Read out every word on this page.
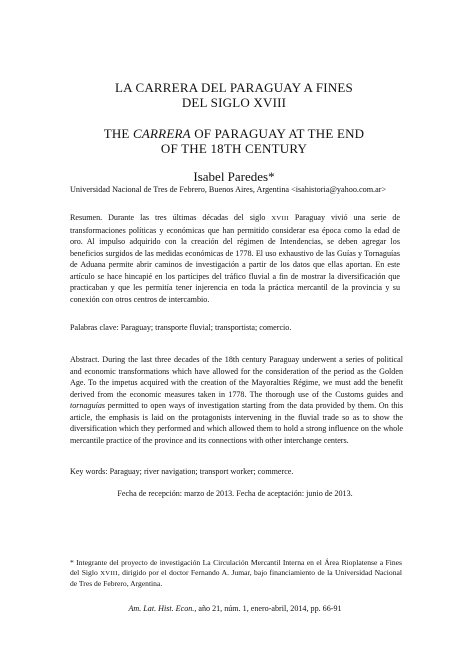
LA CARRERA DEL PARAGUAY A FINES
DEL SIGLO XVIII
THE CARRERA OF PARAGUAY AT THE END
OF THE 18TH CENTURY
Isabel Paredes*
Universidad Nacional de Tres de Febrero, Buenos Aires, Argentina <isahistoria@yahoo.com.ar>
Resumen. Durante las tres últimas décadas del siglo XVIII Paraguay vivió una serie de transformaciones políticas y económicas que han permitido considerar esa época como la edad de oro. Al impulso adquirido con la creación del régimen de Intendencias, se deben agregar los beneficios surgidos de las medidas económicas de 1778. El uso exhaustivo de las Guías y Tornaguías de Aduana permite abrir caminos de investigación a partir de los datos que ellas aportan. En este artículo se hace hincapié en los partícipes del tráfico fluvial a fin de mostrar la diversificación que practicaban y que les permitía tener injerencia en toda la práctica mercantil de la provincia y su conexión con otros centros de intercambio.
Palabras clave: Paraguay; transporte fluvial; transportista; comercio.
Abstract. During the last three decades of the 18th century Paraguay underwent a series of political and economic transformations which have allowed for the consideration of the period as the Golden Age. To the impetus acquired with the creation of the Mayoralties Régime, we must add the benefit derived from the economic measures taken in 1778. The thorough use of the Customs guides and tornaguías permitted to open ways of investigation starting from the data provided by them. On this article, the emphasis is laid on the protagonists intervening in the fluvial trade so as to show the diversification which they performed and which allowed them to hold a strong influence on the whole mercantile practice of the province and its connections with other interchange centers.
Key words: Paraguay; river navigation; transport worker; commerce.
Fecha de recepción: marzo de 2013. Fecha de aceptación: junio de 2013.
* Integrante del proyecto de investigación La Circulación Mercantil Interna en el Área Rioplatense a Fines del Siglo XVIII, dirigido por el doctor Fernando A. Jumar, bajo financiamiento de la Universidad Nacional de Tres de Febrero, Argentina.
Am. Lat. Hist. Econ., año 21, núm. 1, enero-abril, 2014, pp. 66-91
